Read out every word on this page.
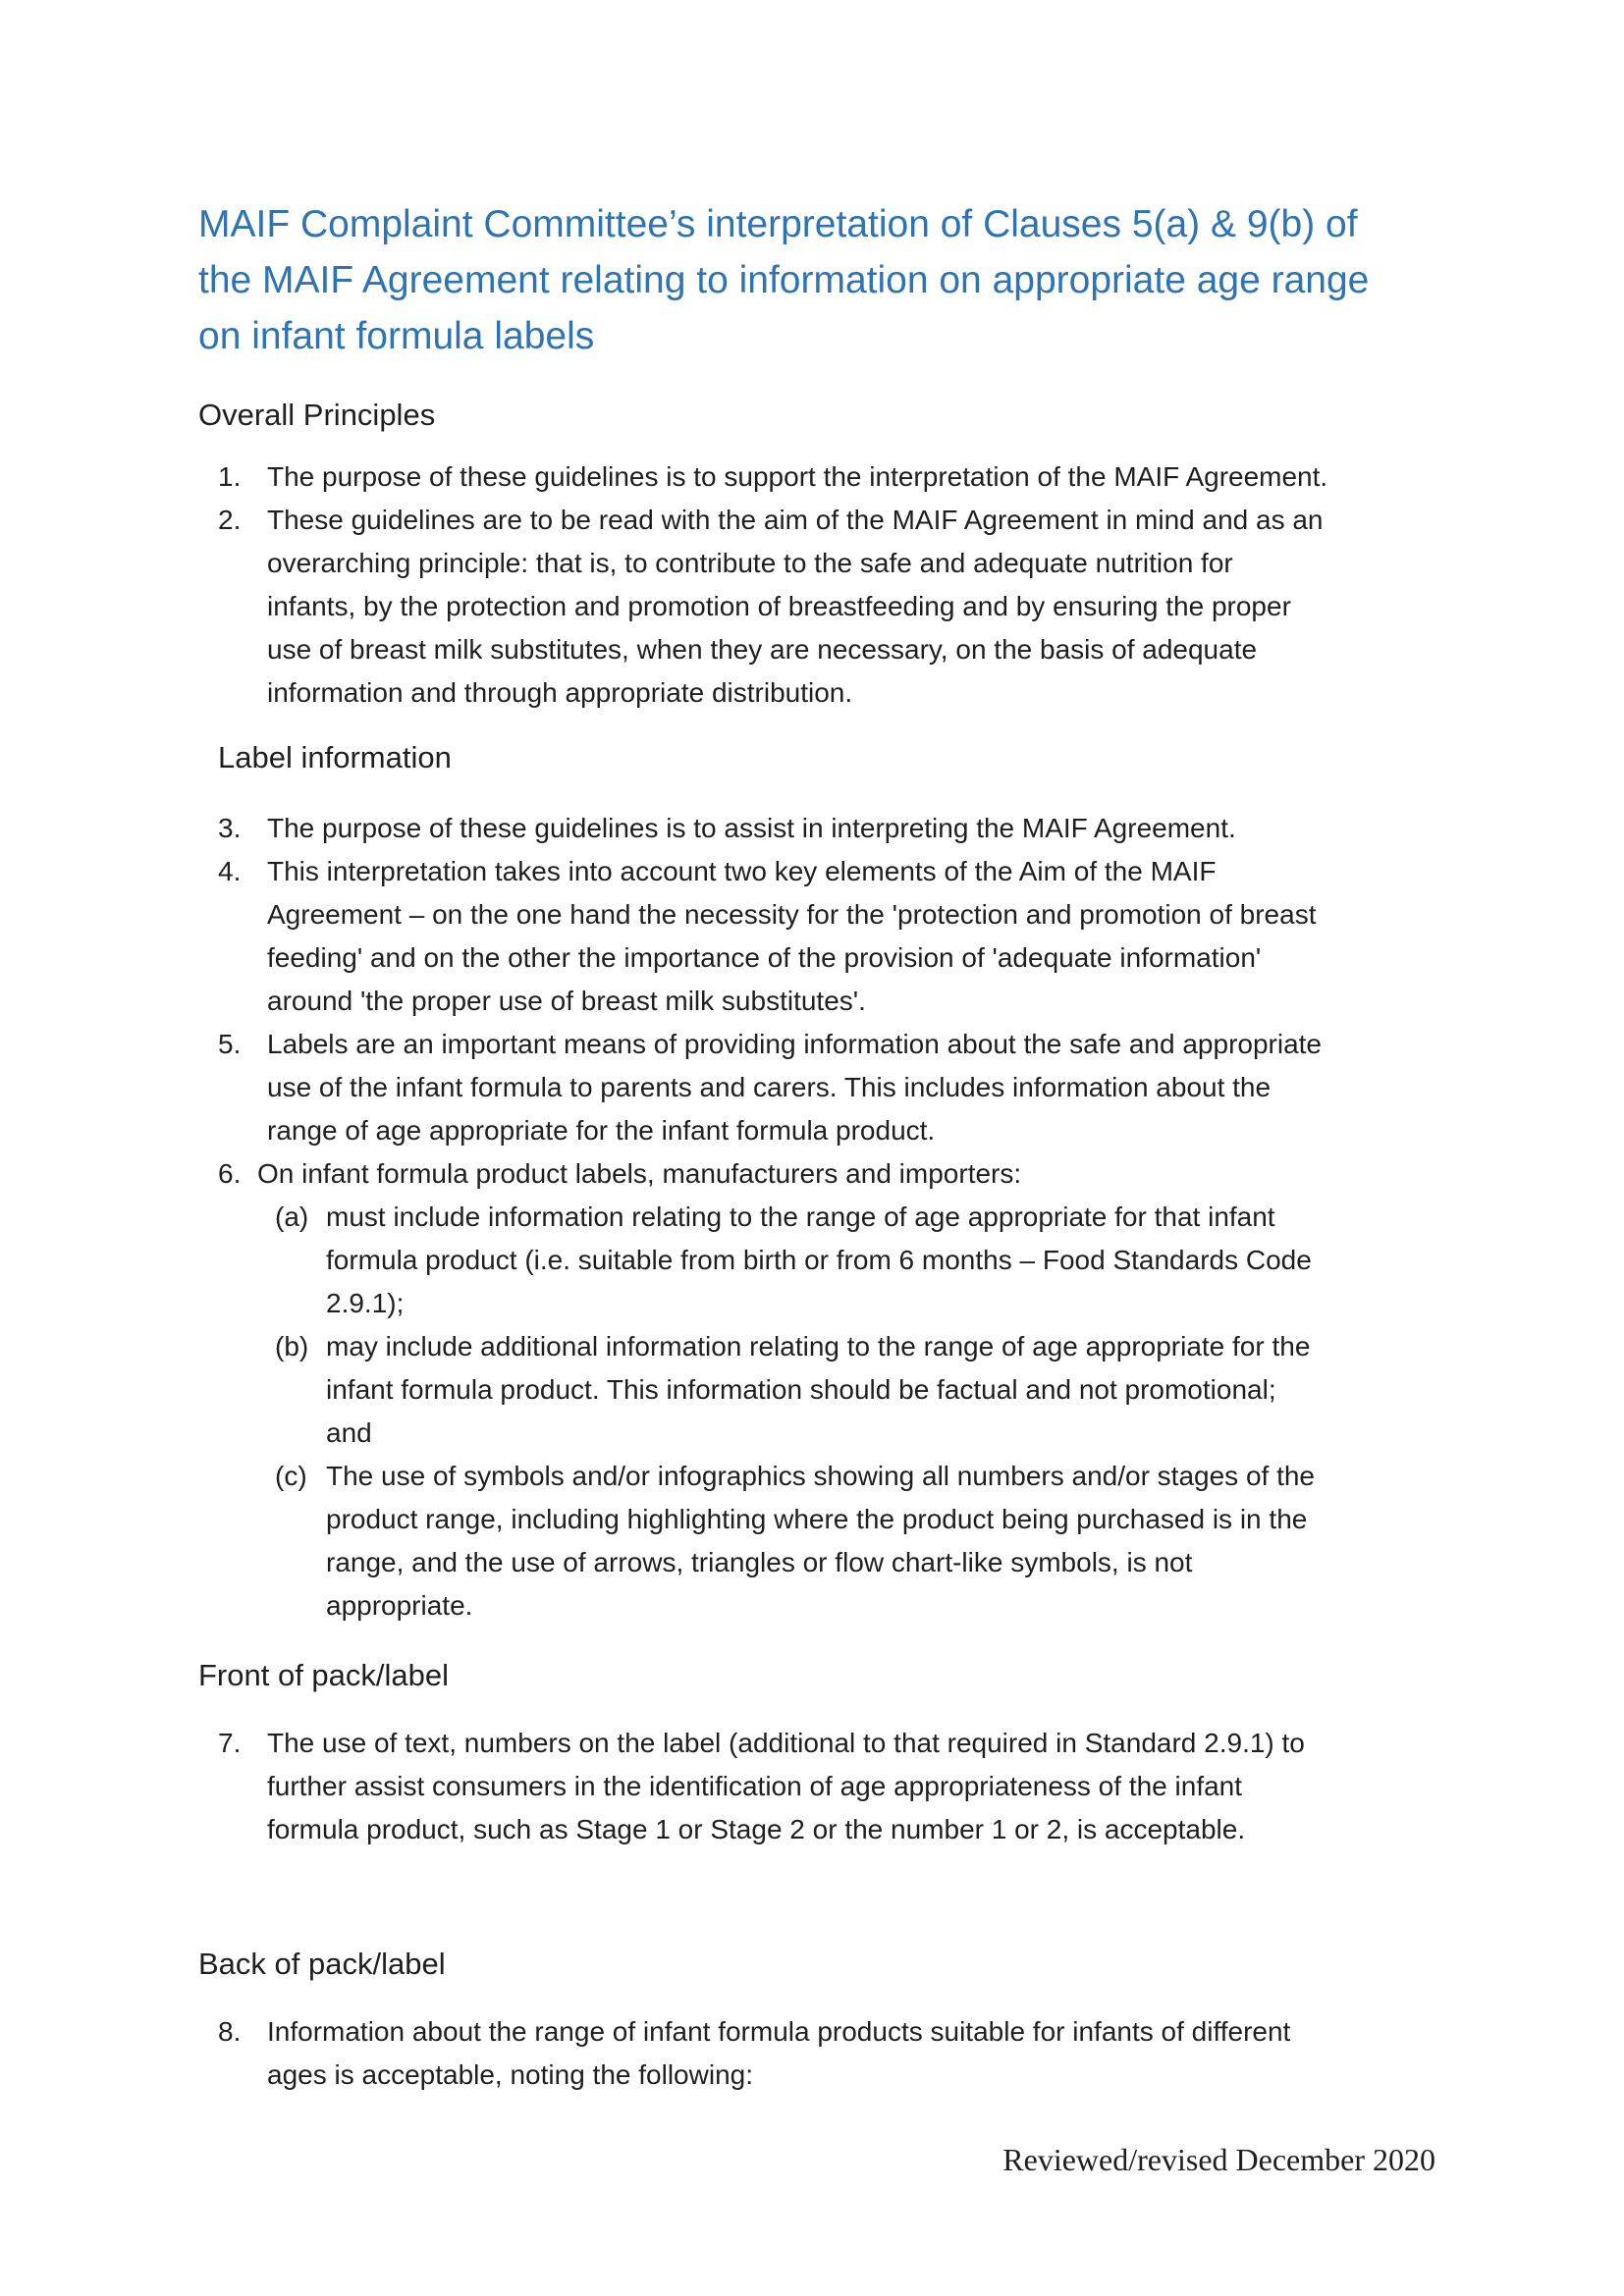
MAIF Complaint Committee’s interpretation of Clauses 5(a) & 9(b) of
the MAIF Agreement relating to information on appropriate age range
on infant formula labels
Overall Principles
1. The purpose of these guidelines is to support the interpretation of the MAIF Agreement.
2. These guidelines are to be read with the aim of the MAIF Agreement in mind and as an
overarching principle: that is, to contribute to the safe and adequate nutrition for
infants, by the protection and promotion of breastfeeding and by ensuring the proper
use of breast milk substitutes, when they are necessary, on the basis of adequate
information and through appropriate distribution.
Label information
3. The purpose of these guidelines is to assist in interpreting the MAIF Agreement.
4. This interpretation takes into account two key elements of the Aim of the MAIF
Agreement – on the one hand the necessity for the 'protection and promotion of breast
feeding' and on the other the importance of the provision of 'adequate information'
around 'the proper use of breast milk substitutes'.
5. Labels are an important means of providing information about the safe and appropriate
use of the infant formula to parents and carers. This includes information about the
range of age appropriate for the infant formula product.
6. On infant formula product labels, manufacturers and importers:
(a) must include information relating to the range of age appropriate for that infant
formula product (i.e. suitable from birth or from 6 months – Food Standards Code
2.9.1);
(b) may include additional information relating to the range of age appropriate for the
infant formula product. This information should be factual and not promotional;
and
(c) The use of symbols and/or infographics showing all numbers and/or stages of the
product range, including highlighting where the product being purchased is in the
range, and the use of arrows, triangles or flow chart-like symbols, is not
appropriate.
Front of pack/label
7. The use of text, numbers on the label (additional to that required in Standard 2.9.1) to
further assist consumers in the identification of age appropriateness of the infant
formula product, such as Stage 1 or Stage 2 or the number 1 or 2, is acceptable.
Back of pack/label
8. Information about the range of infant formula products suitable for infants of different
ages is acceptable, noting the following:

Reviewed/revised December 2020
